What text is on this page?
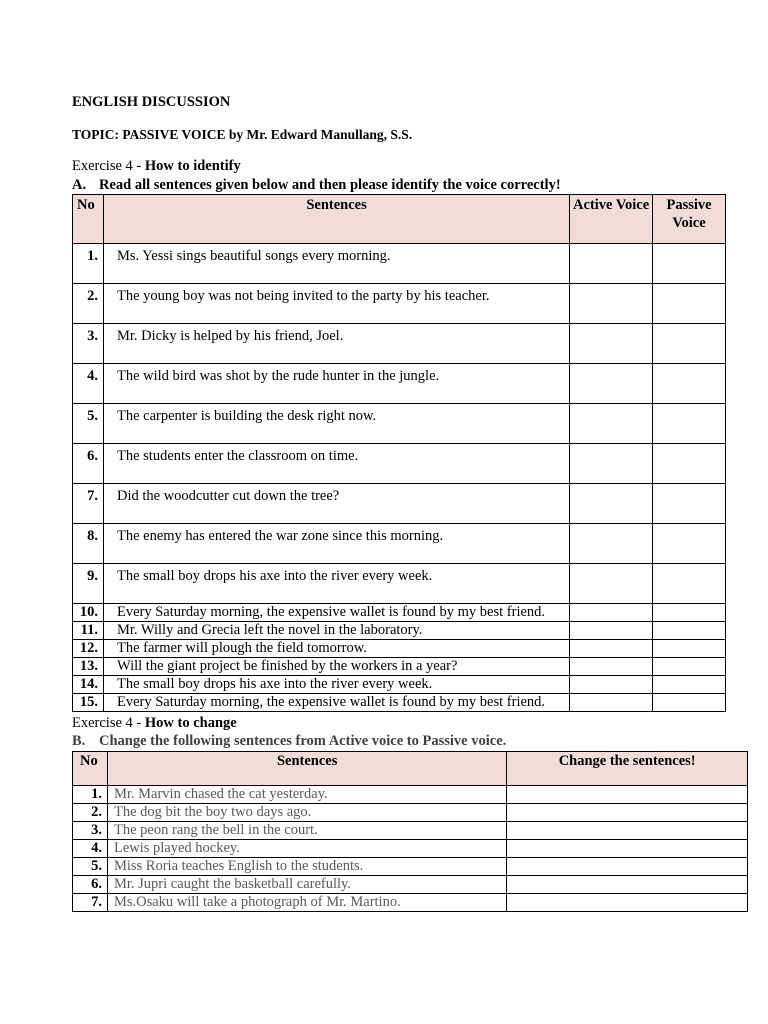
ENGLISH DISCUSSION
TOPIC: PASSIVE VOICE by Mr. Edward Manullang, S.S.
Exercise 4 - How to identify
A. Read all sentences given below and then please identify the voice correctly!
No	Sentences	Active Voice	Passive Voice
1.	Ms. Yessi sings beautiful songs every morning.		
2.	The young boy was not being invited to the party by his teacher.		
3.	Mr. Dicky is helped by his friend, Joel.		
4.	The wild bird was shot by the rude hunter in the jungle.		
5.	The carpenter is building the desk right now.		
6.	The students enter the classroom on time.		
7.	Did the woodcutter cut down the tree?		
8.	The enemy has entered the war zone since this morning.		
9.	The small boy drops his axe into the river every week.		
10.	Every Saturday morning, the expensive wallet is found by my best friend.		
11.	Mr. Willy and Grecia left the novel in the laboratory.		
12.	The farmer will plough the field tomorrow.		
13.	Will the giant project be finished by the workers in a year?		
14.	The small boy drops his axe into the river every week.		
15.	Every Saturday morning, the expensive wallet is found by my best friend.		
Exercise 4 - How to change
B. Change the following sentences from Active voice to Passive voice.
No	Sentences	Change the sentences!
1.	Mr. Marvin chased the cat yesterday.	
2.	The dog bit the boy two days ago.	
3.	The peon rang the bell in the court.	
4.	Lewis played hockey.	
5.	Miss Roria teaches English to the students.	
6.	Mr. Jupri caught the basketball carefully.	
7.	Ms.Osaku will take a photograph of Mr. Martino.	
